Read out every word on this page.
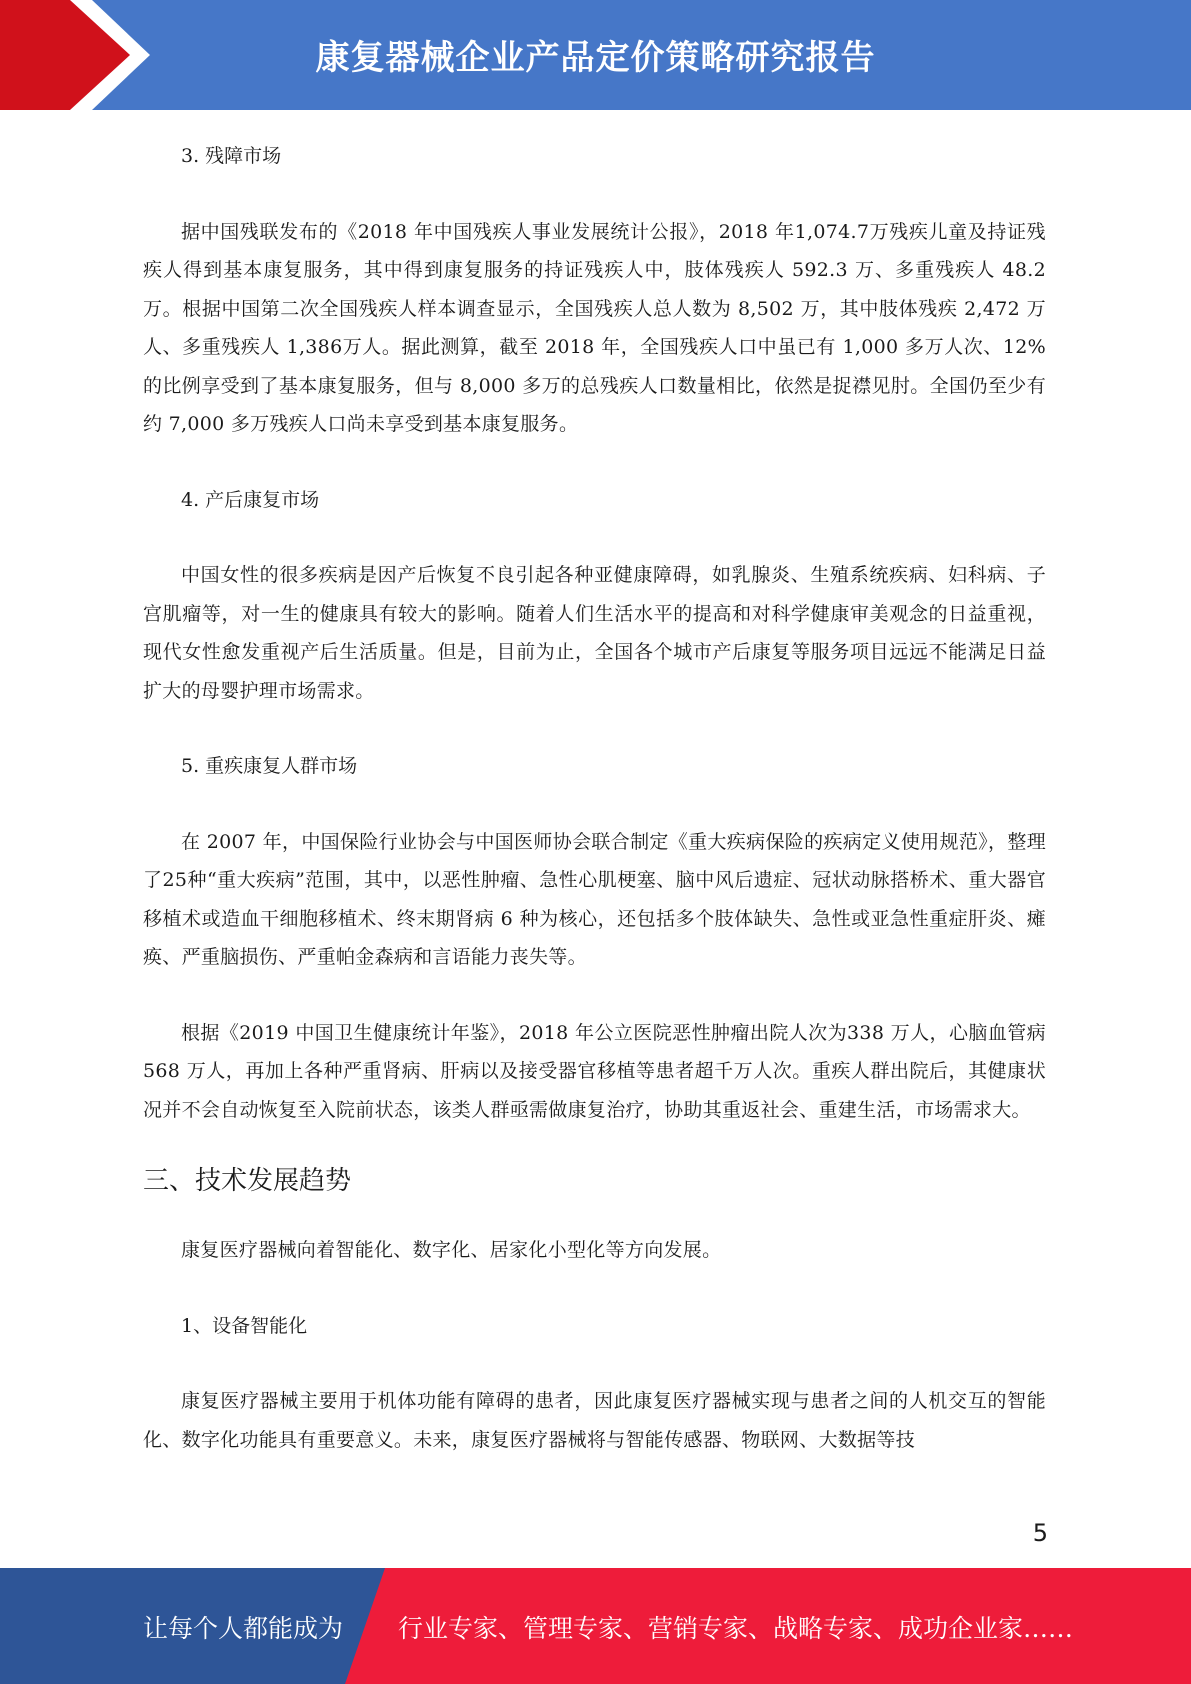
康复器械企业产品定价策略研究报告

3. 残障市场

据中国残联发布的《2018 年中国残疾人事业发展统计公报》，2018 年1,074.7万残疾儿童及持证残疾人得到基本康复服务，其中得到康复服务的持证残疾人中，肢体残疾人 592.3 万、多重残疾人 48.2 万。根据中国第二次全国残疾人样本调查显示，全国残疾人总人数为 8,502 万，其中肢体残疾 2,472 万人、多重残疾人 1,386万人。据此测算，截至 2018 年，全国残疾人口中虽已有 1,000 多万人次、12%的比例享受到了基本康复服务，但与 8,000 多万的总残疾人口数量相比，依然是捉襟见肘。全国仍至少有约 7,000 多万残疾人口尚未享受到基本康复服务。

4. 产后康复市场

中国女性的很多疾病是因产后恢复不良引起各种亚健康障碍，如乳腺炎、生殖系统疾病、妇科病、子宫肌瘤等，对一生的健康具有较大的影响。随着人们生活水平的提高和对科学健康审美观念的日益重视，现代女性愈发重视产后生活质量。但是，目前为止，全国各个城市产后康复等服务项目远远不能满足日益扩大的母婴护理市场需求。

5. 重疾康复人群市场

在 2007 年，中国保险行业协会与中国医师协会联合制定《重大疾病保险的疾病定义使用规范》，整理了25种“重大疾病”范围，其中，以恶性肿瘤、急性心肌梗塞、脑中风后遗症、冠状动脉搭桥术、重大器官移植术或造血干细胞移植术、终末期肾病 6 种为核心，还包括多个肢体缺失、急性或亚急性重症肝炎、瘫痪、严重脑损伤、严重帕金森病和言语能力丧失等。

根据《2019 中国卫生健康统计年鉴》，2018 年公立医院恶性肿瘤出院人次为338 万人，心脑血管病 568 万人，再加上各种严重肾病、肝病以及接受器官移植等患者超千万人次。重疾人群出院后，其健康状况并不会自动恢复至入院前状态，该类人群亟需做康复治疗，协助其重返社会、重建生活，市场需求大。

三、技术发展趋势

康复医疗器械向着智能化、数字化、居家化小型化等方向发展。

1、设备智能化

康复医疗器械主要用于机体功能有障碍的患者，因此康复医疗器械实现与患者之间的人机交互的智能化、数字化功能具有重要意义。未来，康复医疗器械将与智能传感器、物联网、大数据等技

5
让每个人都能成为 行业专家、管理专家、营销专家、战略专家、成功企业家……
